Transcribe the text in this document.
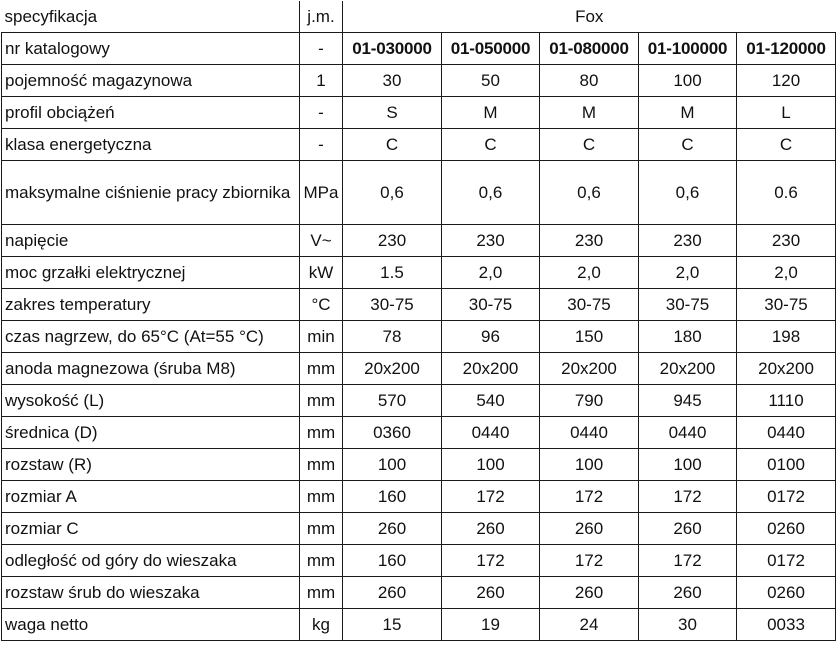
specyfikacja	j.m.	Fox				
nr katalogowy	-	01-030000	01-050000	01-080000	01-100000	01-120000
pojemność magazynowa	1	30	50	80	100	120
profil obciążeń	-	S	M	M	M	L
klasa energetyczna	-	C	C	C	C	C
maksymalne ciśnienie pracy zbiornika	MPa	0,6	0,6	0,6	0,6	0.6
napięcie	V~	230	230	230	230	230
moc grzałki elektrycznej	kW	1.5	2,0	2,0	2,0	2,0
zakres temperatury	°C	30-75	30-75	30-75	30-75	30-75
czas nagrzew, do 65°C (At=55 °C)	min	78	96	150	180	198
anoda magnezowa (śruba M8)	mm	20x200	20x200	20x200	20x200	20x200
wysokość (L)	mm	570	540	790	945	1110
średnica (D)	mm	0360	0440	0440	0440	0440
rozstaw (R)	mm	100	100	100	100	0100
rozmiar A	mm	160	172	172	172	0172
rozmiar C	mm	260	260	260	260	0260
odległość od góry do wieszaka	mm	160	172	172	172	0172
rozstaw śrub do wieszaka	mm	260	260	260	260	0260
waga netto	kg	15	19	24	30	0033
